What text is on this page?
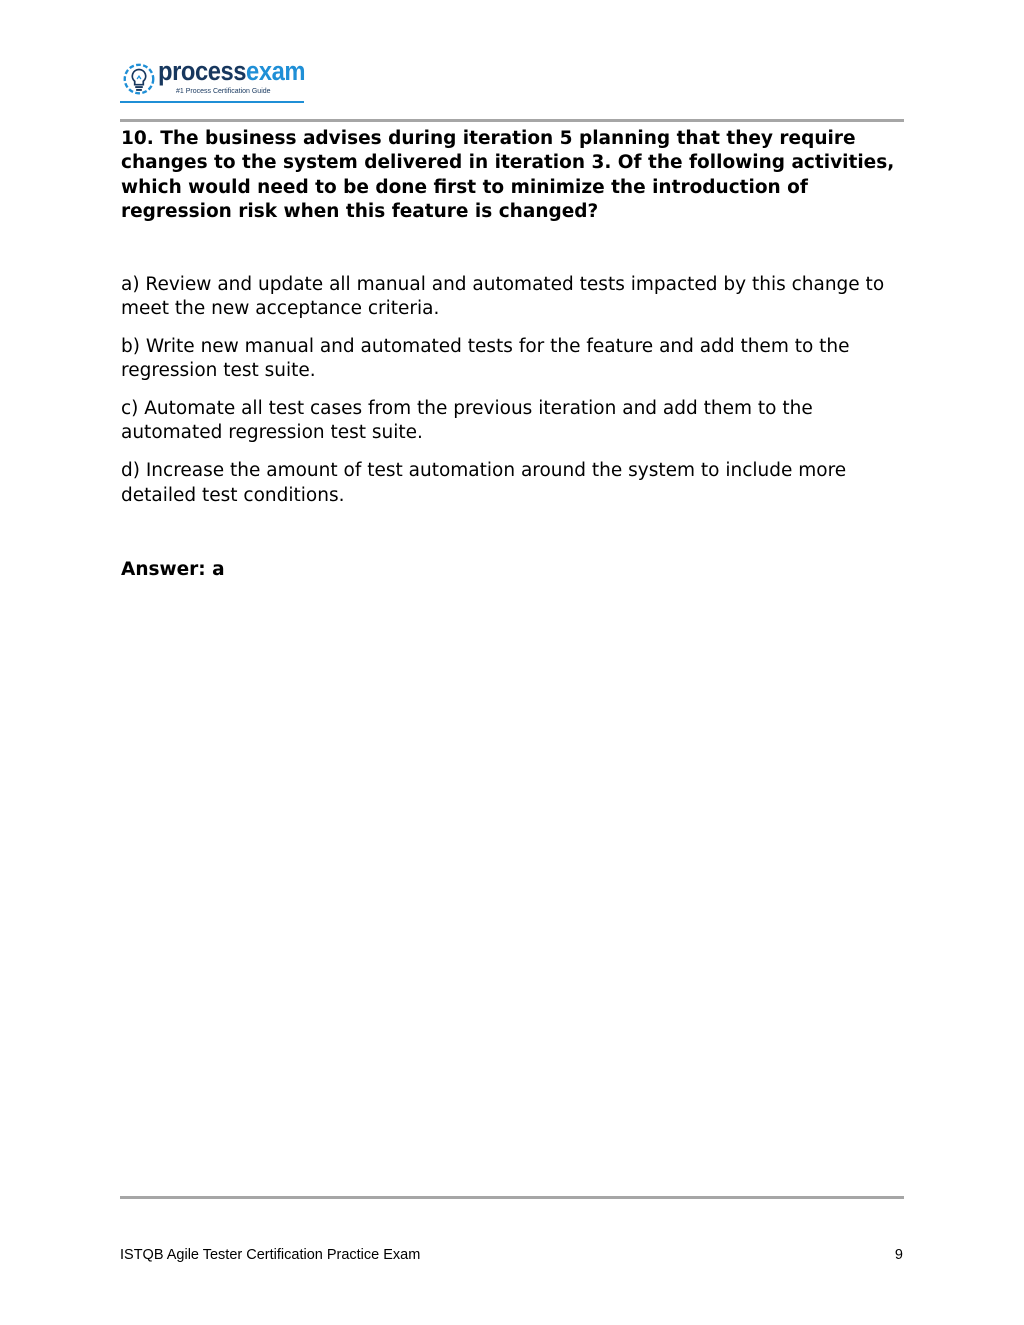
processexam
#1 Process Certification Guide

10. The business advises during iteration 5 planning that they require changes to the system delivered in iteration 3. Of the following activities, which would need to be done first to minimize the introduction of regression risk when this feature is changed?

a) Review and update all manual and automated tests impacted by this change to meet the new acceptance criteria.

b) Write new manual and automated tests for the feature and add them to the regression test suite.

c) Automate all test cases from the previous iteration and add them to the automated regression test suite.

d) Increase the amount of test automation around the system to include more detailed test conditions.

Answer: a

ISTQB Agile Tester Certification Practice Exam	9
